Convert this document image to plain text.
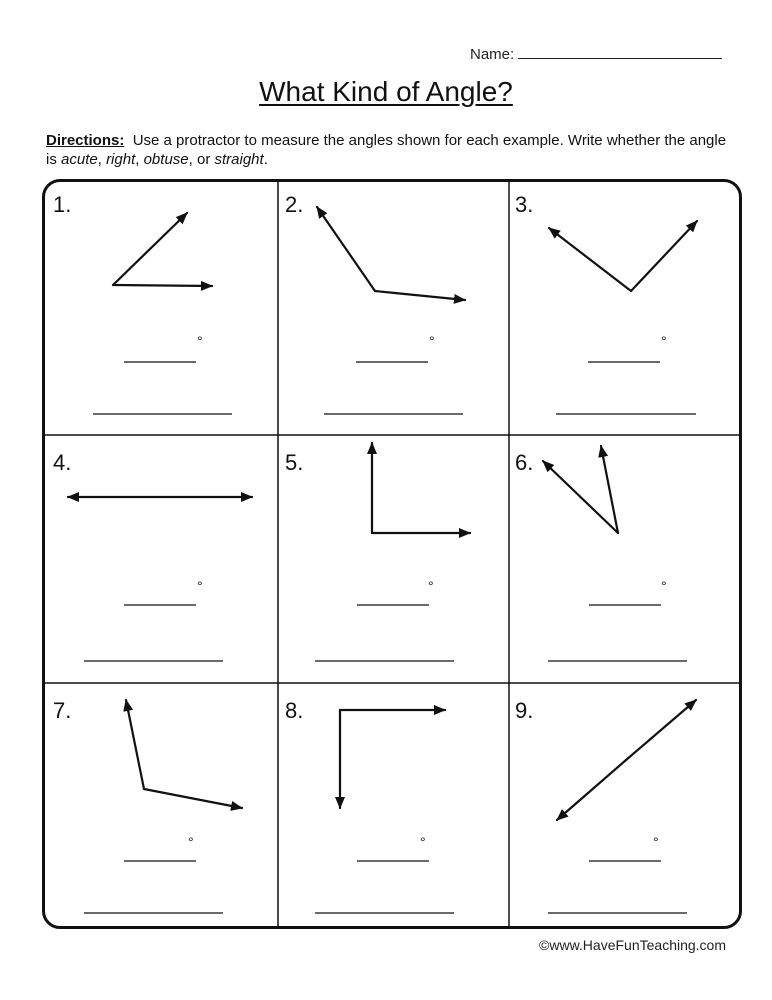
Name:
What Kind of Angle?
Directions: Use a protractor to measure the angles shown for each example. Write whether the angle is acute, right, obtuse, or straight.
°	°	°
°	°	°
°	°	°
1.	2.	3.
4.	5.	6.
7.	8.	9.
©www.HaveFunTeaching.com
